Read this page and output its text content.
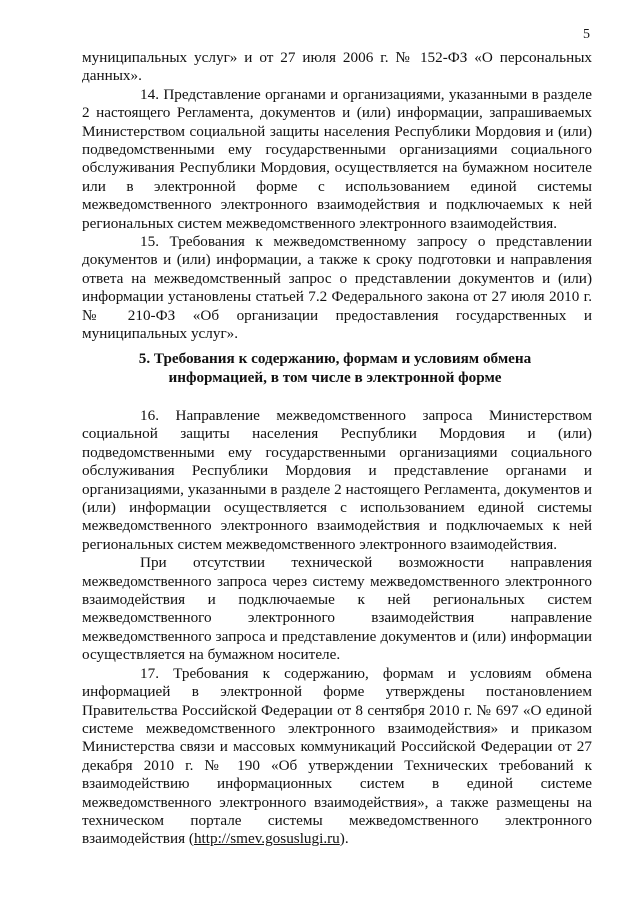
5

муниципальных услуг» и от 27 июля 2006 г. № 152-ФЗ «О персональных данных».

14. Представление органами и организациями, указанными в разделе 2 настоящего Регламента, документов и (или) информации, запрашиваемых Министерством социальной защиты населения Республики Мордовия и (или) подведомственными ему государственными организациями социального обслуживания Республики Мордовия, осуществляется на бумажном носителе или в электронной форме с использованием единой системы межведомственного электронного взаимодействия и подключаемых к ней региональных систем межведомственного электронного взаимодействия.

15. Требования к межведомственному запросу о представлении документов и (или) информации, а также к сроку подготовки и направления ответа на межведомственный запрос о представлении документов и (или) информации установлены статьей 7.2 Федерального закона от 27 июля 2010 г. № 210-ФЗ «Об организации предоставления государственных и муниципальных услуг».

5. Требования к содержанию, формам и условиям обмена
информацией, в том числе в электронной форме

16. Направление межведомственного запроса Министерством социальной защиты населения Республики Мордовия и (или) подведомственными ему государственными организациями социального обслуживания Республики Мордовия и представление органами и организациями, указанными в разделе 2 настоящего Регламента, документов и (или) информации осуществляется с использованием единой системы межведомственного электронного взаимодействия и подключаемых к ней региональных систем межведомственного электронного взаимодействия.

При отсутствии технической возможности направления межведомственного запроса через систему межведомственного электронного взаимодействия и подключаемые к ней региональных систем межведомственного электронного взаимодействия направление межведомственного запроса и представление документов и (или) информации осуществляется на бумажном носителе.

17. Требования к содержанию, формам и условиям обмена информацией в электронной форме утверждены постановлением Правительства Российской Федерации от 8 сентября 2010 г. № 697 «О единой системе межведомственного электронного взаимодействия» и приказом Министерства связи и массовых коммуникаций Российской Федерации от 27 декабря 2010 г. № 190 «Об утверждении Технических требований к взаимодействию информационных систем в единой системе межведомственного электронного взаимодействия», а также размещены на техническом портале системы межведомственного электронного взаимодействия (http://smev.gosuslugi.ru).
